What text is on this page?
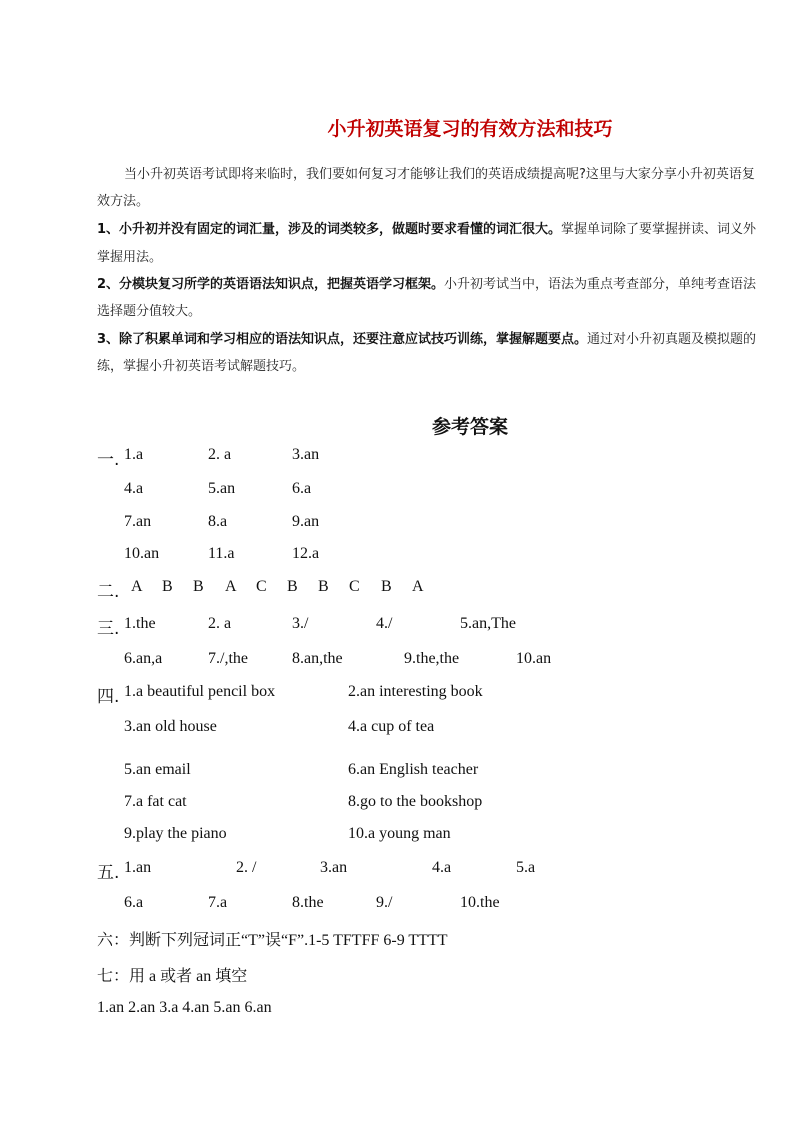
小升初英语复习的有效方法和技巧
当小升初英语考试即将来临时，我们要如何复习才能够让我们的英语成绩提高呢?这里与大家分享小升初英语复
效方法。
1、小升初并没有固定的词汇量，涉及的词类较多，做题时要求看懂的词汇很大。掌握单词除了要掌握拼读、词义外
掌握用法。
2、分模块复习所学的英语语法知识点，把握英语学习框架。小升初考试当中，语法为重点考查部分，单纯考查语法
选择题分值较大。
3、除了积累单词和学习相应的语法知识点，还要注意应试技巧训练，掌握解题要点。通过对小升初真题及模拟题的
练，掌握小升初英语考试解题技巧。
参考答案
一. 1.a	2. a	3.an
4.a	5.an	6.a
7.an	8.a	9.an
10.an	11.a	12.a
二. A B B A C B B C B A
三. 1.the	2. a	3./	4./	5.an,The
6.an,a	7./,the	8.an,the	9.the,the	10.an
四. 1.a beautiful pencil box	2.an interesting book
3.an old house	4.a cup of tea
5.an email	6.an English teacher
7.a fat cat	8.go to the bookshop
9.play the piano	10.a young man
五. 1.an	2. /	3.an	4.a	5.a
6.a	7.a	8.the	9./	10.the
六：判断下列冠词正“T”误“F”.1-5 TFTFF 6-9 TTTT
七：用 a 或者 an 填空
1.an 2.an 3.a 4.an 5.an 6.an
